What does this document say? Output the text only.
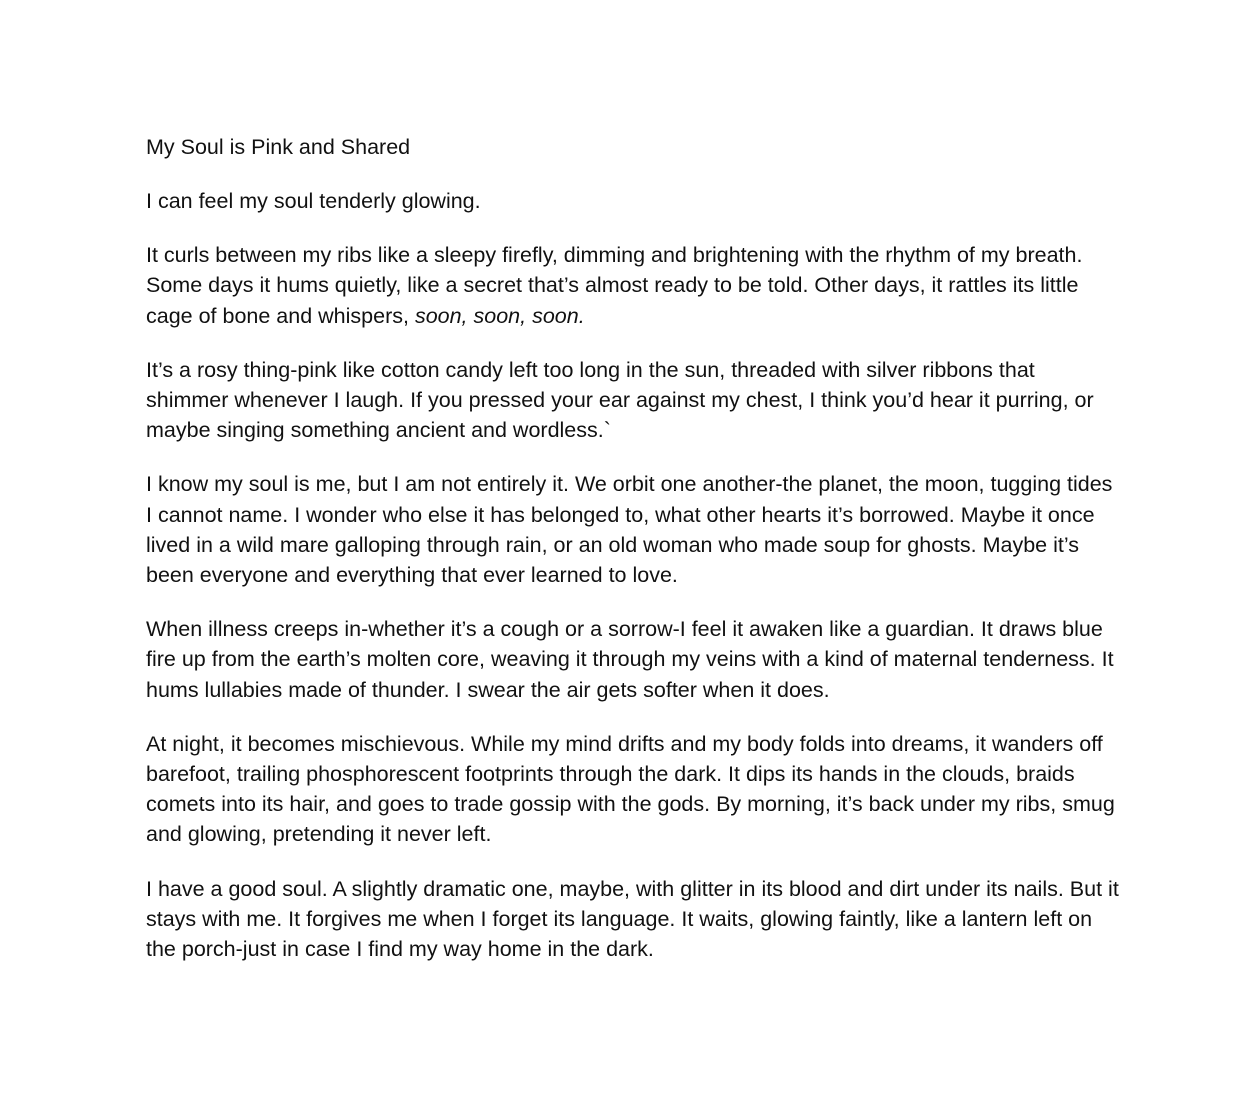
My Soul is Pink and Shared

I can feel my soul tenderly glowing.

It curls between my ribs like a sleepy firefly, dimming and brightening with the rhythm of my breath. Some days it hums quietly, like a secret that’s almost ready to be told. Other days, it rattles its little cage of bone and whispers, soon, soon, soon.

It’s a rosy thing-pink like cotton candy left too long in the sun, threaded with silver ribbons that shimmer whenever I laugh. If you pressed your ear against my chest, I think you’d hear it purring, or maybe singing something ancient and wordless.`

I know my soul is me, but I am not entirely it. We orbit one another-the planet, the moon, tugging tides I cannot name. I wonder who else it has belonged to, what other hearts it’s borrowed. Maybe it once lived in a wild mare galloping through rain, or an old woman who made soup for ghosts. Maybe it’s been everyone and everything that ever learned to love.

When illness creeps in-whether it’s a cough or a sorrow-I feel it awaken like a guardian. It draws blue fire up from the earth’s molten core, weaving it through my veins with a kind of maternal tenderness. It hums lullabies made of thunder. I swear the air gets softer when it does.

At night, it becomes mischievous. While my mind drifts and my body folds into dreams, it wanders off barefoot, trailing phosphorescent footprints through the dark. It dips its hands in the clouds, braids comets into its hair, and goes to trade gossip with the gods. By morning, it’s back under my ribs, smug and glowing, pretending it never left.

I have a good soul. A slightly dramatic one, maybe, with glitter in its blood and dirt under its nails. But it stays with me. It forgives me when I forget its language. It waits, glowing faintly, like a lantern left on the porch-just in case I find my way home in the dark.
